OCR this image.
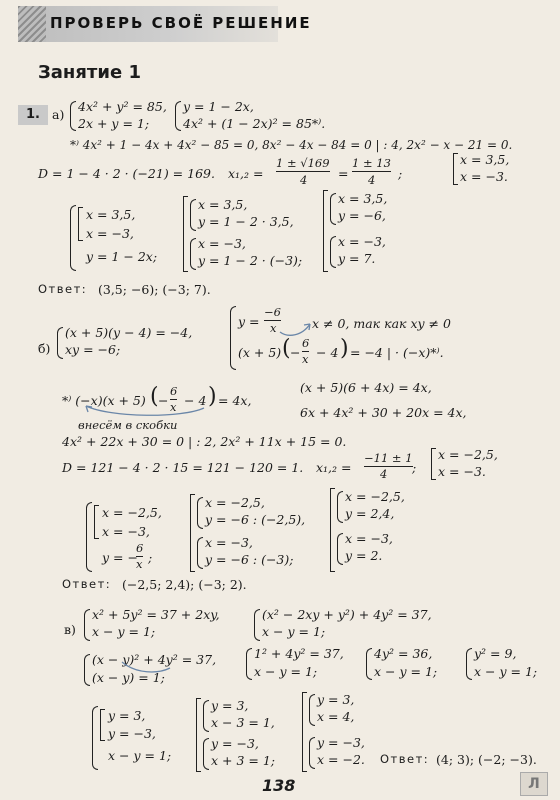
ПРОВЕРЬ СВОЁ РЕШЕНИЕ
Занятие 1
1. а)
4x² + y² = 85,
2x + y = 1;
y = 1 − 2x,
4x² + (1 − 2x)² = 85*⁾.
*⁾ 4x² + 1 − 4x + 4x² − 85 = 0, 8x² − 4x − 84 = 0 | : 4, 2x² − x − 21 = 0.
D = 1 − 4 · 2 · (−21) = 169. x₁,₂ =
1 ± √169
4 =
1 ± 13
4 ;
x = 3,5,
x = −3.
x = 3,5,
x = −3,
y = 1 − 2x;
x = 3,5,
y = 1 − 2 · 3,5,
x = −3,
y = 1 − 2 · (−3);
x = 3,5,
y = −6,
x = −3,
y = 7.
Ответ: (3,5; −6); (−3; 7).
б)
(x + 5)(y − 4) = −4,
xy = −6;
y =
−6
x	x ≠ 0, так как xy ≠ 0
(x + 5) ( −
6
x − 4 ) = −4 | · (−x)*⁾.
*⁾ (−x)(x + 5) ( −
6
x − 4 ) = 4x,
внесём в скобки
(x + 5)(6 + 4x) = 4x,
6x + 4x² + 30 + 20x = 4x,
4x² + 22x + 30 = 0 | : 2, 2x² + 11x + 15 = 0.
D = 121 − 4 · 2 · 15 = 121 − 120 = 1. x₁,₂ =
−11 ± 1
4 ;
x = −2,5,
x = −3.
x = −2,5,
x = −3,
y = −
6
x ;
x = −2,5,
y = −6 : (−2,5),
x = −3,
y = −6 : (−3);
x = −2,5,
y = 2,4,
x = −3,
y = 2.
Ответ: (−2,5; 2,4); (−3; 2).
в)
x² + 5y² = 37 + 2xy,
x − y = 1;
(x² − 2xy + y²) + 4y² = 37,
x − y = 1;
(x − y)² + 4y² = 37,
(x − y) = 1;
1² + 4y² = 37,
x − y = 1;
4y² = 36,
x − y = 1;
y² = 9,
x − y = 1;
y = 3,
y = −3,
x − y = 1;
y = 3,
x − 3 = 1,
y = −3,
x + 3 = 1;
y = 3,
x = 4,
y = −3,
x = −2. Ответ: (4; 3); (−2; −3).
138	Л
